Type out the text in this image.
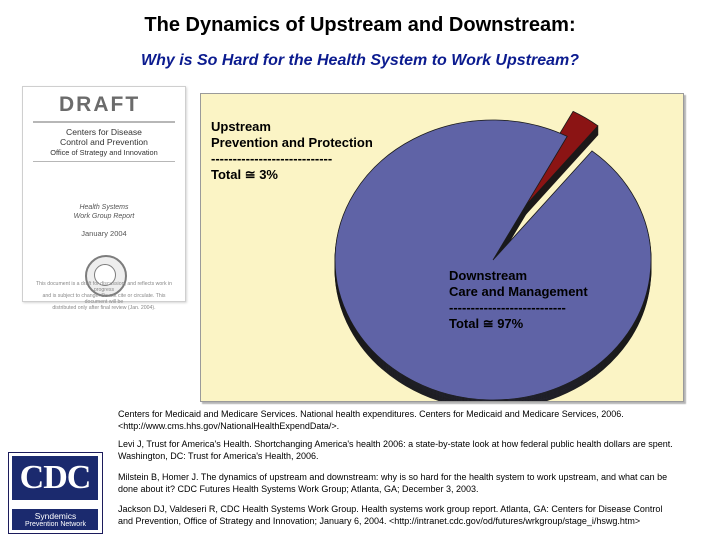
The Dynamics of Upstream and Downstream:
Why is So Hard for the Health System to Work Upstream?
DRAFT
Centers for Disease
Control and Prevention
Office of Strategy and Innovation
Health Systems
Work Group Report
January 2004
This document is a draft for discussion, and reflects work in progress
and is subject to change. Do not cite or circulate. This document will be
distributed only after final review (Jan. 2004).
Upstream
Prevention and Protection
----------------------------
Total ≅ 3%
Downstream
Care and Management
---------------------------
Total ≅ 97%
Centers for Medicaid and Medicare Services. National health expenditures. Centers for Medicaid and Medicare Services, 2006. <http://www.cms.hhs.gov/NationalHealthExpendData/>.
Levi J, Trust for America's Health. Shortchanging America's health 2006: a state-by-state look at how federal public health dollars are spent. Washington, DC: Trust for America's Health, 2006.
Milstein B, Homer J. The dynamics of upstream and downstream: why is so hard for the health system to work upstream, and what can be done about it? CDC Futures Health Systems Work Group; Atlanta, GA; December 3, 2003.
Jackson DJ, Valdeseri R, CDC Health Systems Work Group. Health systems work group report. Atlanta, GA: Centers for Disease Control and Prevention, Office of Strategy and Innovation; January 6, 2004. <http://intranet.cdc.gov/od/futures/wrkgroup/stage_i/hswg.htm>
CDC
Syndemics
Prevention Network
